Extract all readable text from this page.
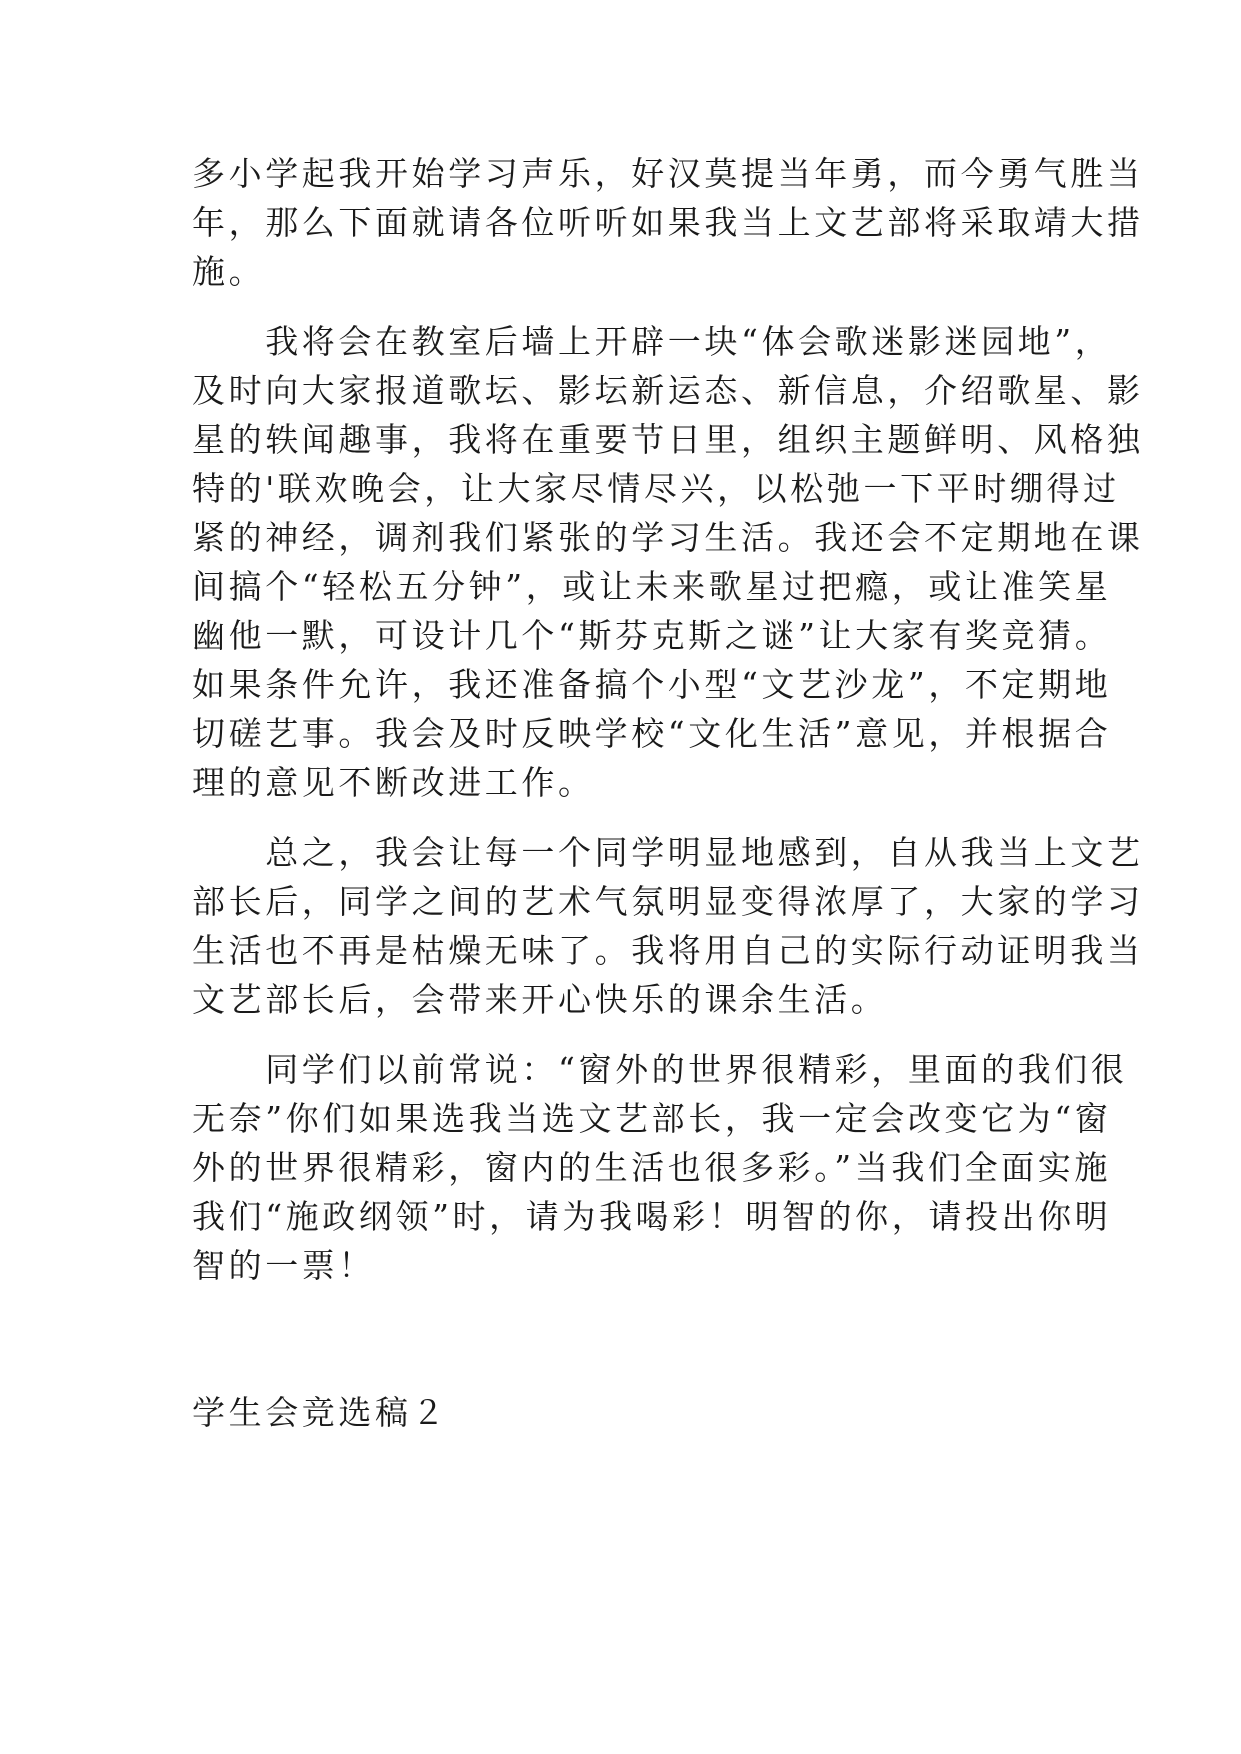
多小学起我开始学习声乐，好汉莫提当年勇，而今勇气胜当
年，那么下面就请各位听听如果我当上文艺部将采取靖大措
施。
　　我将会在教室后墙上开辟一块“体会歌迷影迷园地”，
及时向大家报道歌坛、影坛新运态、新信息，介绍歌星、影
星的轶闻趣事，我将在重要节日里，组织主题鲜明、风格独
特的'联欢晚会，让大家尽情尽兴，以松弛一下平时绷得过
紧的神经，调剂我们紧张的学习生活。我还会不定期地在课
间搞个“轻松五分钟”，或让未来歌星过把瘾，或让准笑星
幽他一默，可设计几个“斯芬克斯之谜”让大家有奖竞猜。
如果条件允许，我还准备搞个小型“文艺沙龙”，不定期地
切磋艺事。我会及时反映学校“文化生活”意见，并根据合
理的意见不断改进工作。
　　总之，我会让每一个同学明显地感到，自从我当上文艺
部长后，同学之间的艺术气氛明显变得浓厚了，大家的学习
生活也不再是枯燥无味了。我将用自己的实际行动证明我当
文艺部长后，会带来开心快乐的课余生活。
　　同学们以前常说：“窗外的世界很精彩，里面的我们很
无奈”你们如果选我当选文艺部长，我一定会改变它为“窗
外的世界很精彩，窗内的生活也很多彩。”当我们全面实施
我们“施政纲领”时，请为我喝彩！明智的你，请投出你明
智的一票！
学生会竞选稿２
